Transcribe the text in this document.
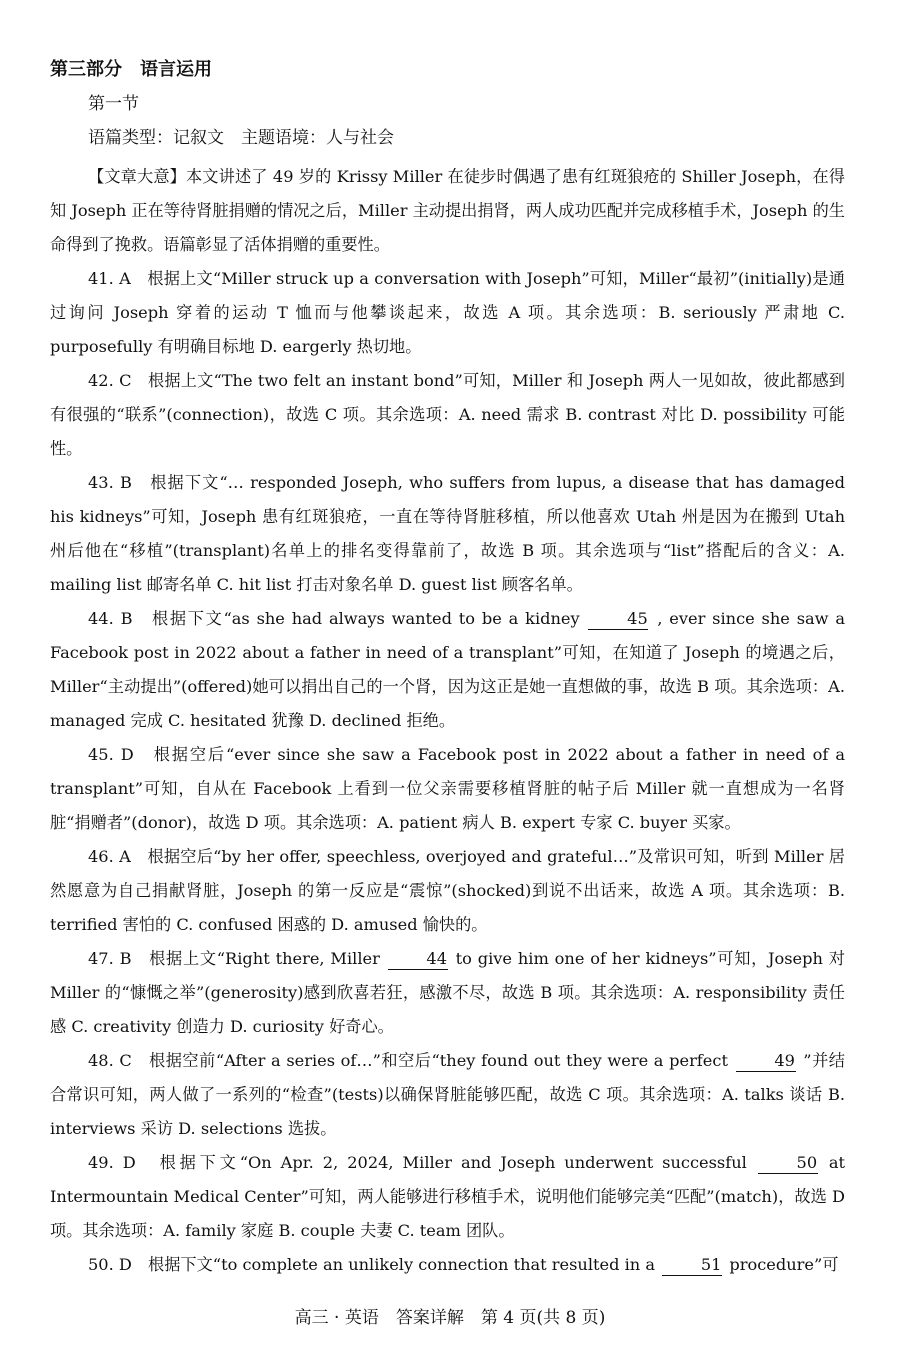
第三部分　语言运用
第一节
语篇类型：记叙文　主题语境：人与社会

【文章大意】本文讲述了 49 岁的 Krissy Miller 在徒步时偶遇了患有红斑狼疮的 Shiller Joseph，在得知 Joseph 正在等待肾脏捐赠的情况之后，Miller 主动提出捐肾，两人成功匹配并完成移植手术，Joseph 的生命得到了挽救。语篇彰显了活体捐赠的重要性。

41. A　根据上文“Miller struck up a conversation with Joseph”可知，Miller“最初”(initially)是通过询问 Joseph 穿着的运动 T 恤而与他攀谈起来，故选 A 项。其余选项：B. seriously 严肃地 C. purposefully 有明确目标地 D. eargerly 热切地。

42. C　根据上文“The two felt an instant bond”可知，Miller 和 Joseph 两人一见如故，彼此都感到有很强的“联系”(connection)，故选 C 项。其余选项：A. need 需求 B. contrast 对比 D. possibility 可能性。

43. B　根据下文“… responded Joseph, who suffers from lupus, a disease that has damaged his kidneys”可知，Joseph 患有红斑狼疮，一直在等待肾脏移植，所以他喜欢 Utah 州是因为在搬到 Utah 州后他在“移植”(transplant)名单上的排名变得靠前了，故选 B 项。其余选项与“list”搭配后的含义：A. mailing list 邮寄名单 C. hit list 打击对象名单 D. guest list 顾客名单。

44. B　根据下文“as she had always wanted to be a kidney	45 , ever since she saw a Facebook post in 2022 about a father in need of a transplant”可知，在知道了 Joseph 的境遇之后，Miller“主动提出”(offered)她可以捐出自己的一个肾，因为这正是她一直想做的事，故选 B 项。其余选项：A. managed 完成 C. hesitated 犹豫 D. declined 拒绝。

45. D　根据空后“ever since she saw a Facebook post in 2022 about a father in need of a transplant”可知，自从在 Facebook 上看到一位父亲需要移植肾脏的帖子后 Miller 就一直想成为一名肾脏“捐赠者”(donor)，故选 D 项。其余选项：A. patient 病人 B. expert 专家 C. buyer 买家。

46. A　根据空后“by her offer, speechless, overjoyed and grateful…”及常识可知，听到 Miller 居然愿意为自己捐献肾脏，Joseph 的第一反应是“震惊”(shocked)到说不出话来，故选 A 项。其余选项：B. terrified 害怕的 C. confused 困惑的 D. amused 愉快的。

47. B　根据上文“Right there, Miller	44 to give him one of her kidneys”可知，Joseph 对 Miller 的“慷慨之举”(generosity)感到欣喜若狂，感激不尽，故选 B 项。其余选项：A. responsibility 责任感 C. creativity 创造力 D. curiosity 好奇心。

48. C　根据空前“After a series of…”和空后“they found out they were a perfect	49 ”并结合常识可知，两人做了一系列的“检查”(tests)以确保肾脏能够匹配，故选 C 项。其余选项：A. talks 谈话 B. interviews 采访 D. selections 选拔。

49. D　根据下文“On Apr. 2, 2024, Miller and Joseph underwent successful	50 at Intermountain Medical Center”可知，两人能够进行移植手术，说明他们能够完美“匹配”(match)，故选 D 项。其余选项：A. family 家庭 B. couple 夫妻 C. team 团队。

50. D　根据下文“to complete an unlikely connection that resulted in a	51 procedure”可

高三 · 英语　答案详解　第 4 页(共 8 页)
